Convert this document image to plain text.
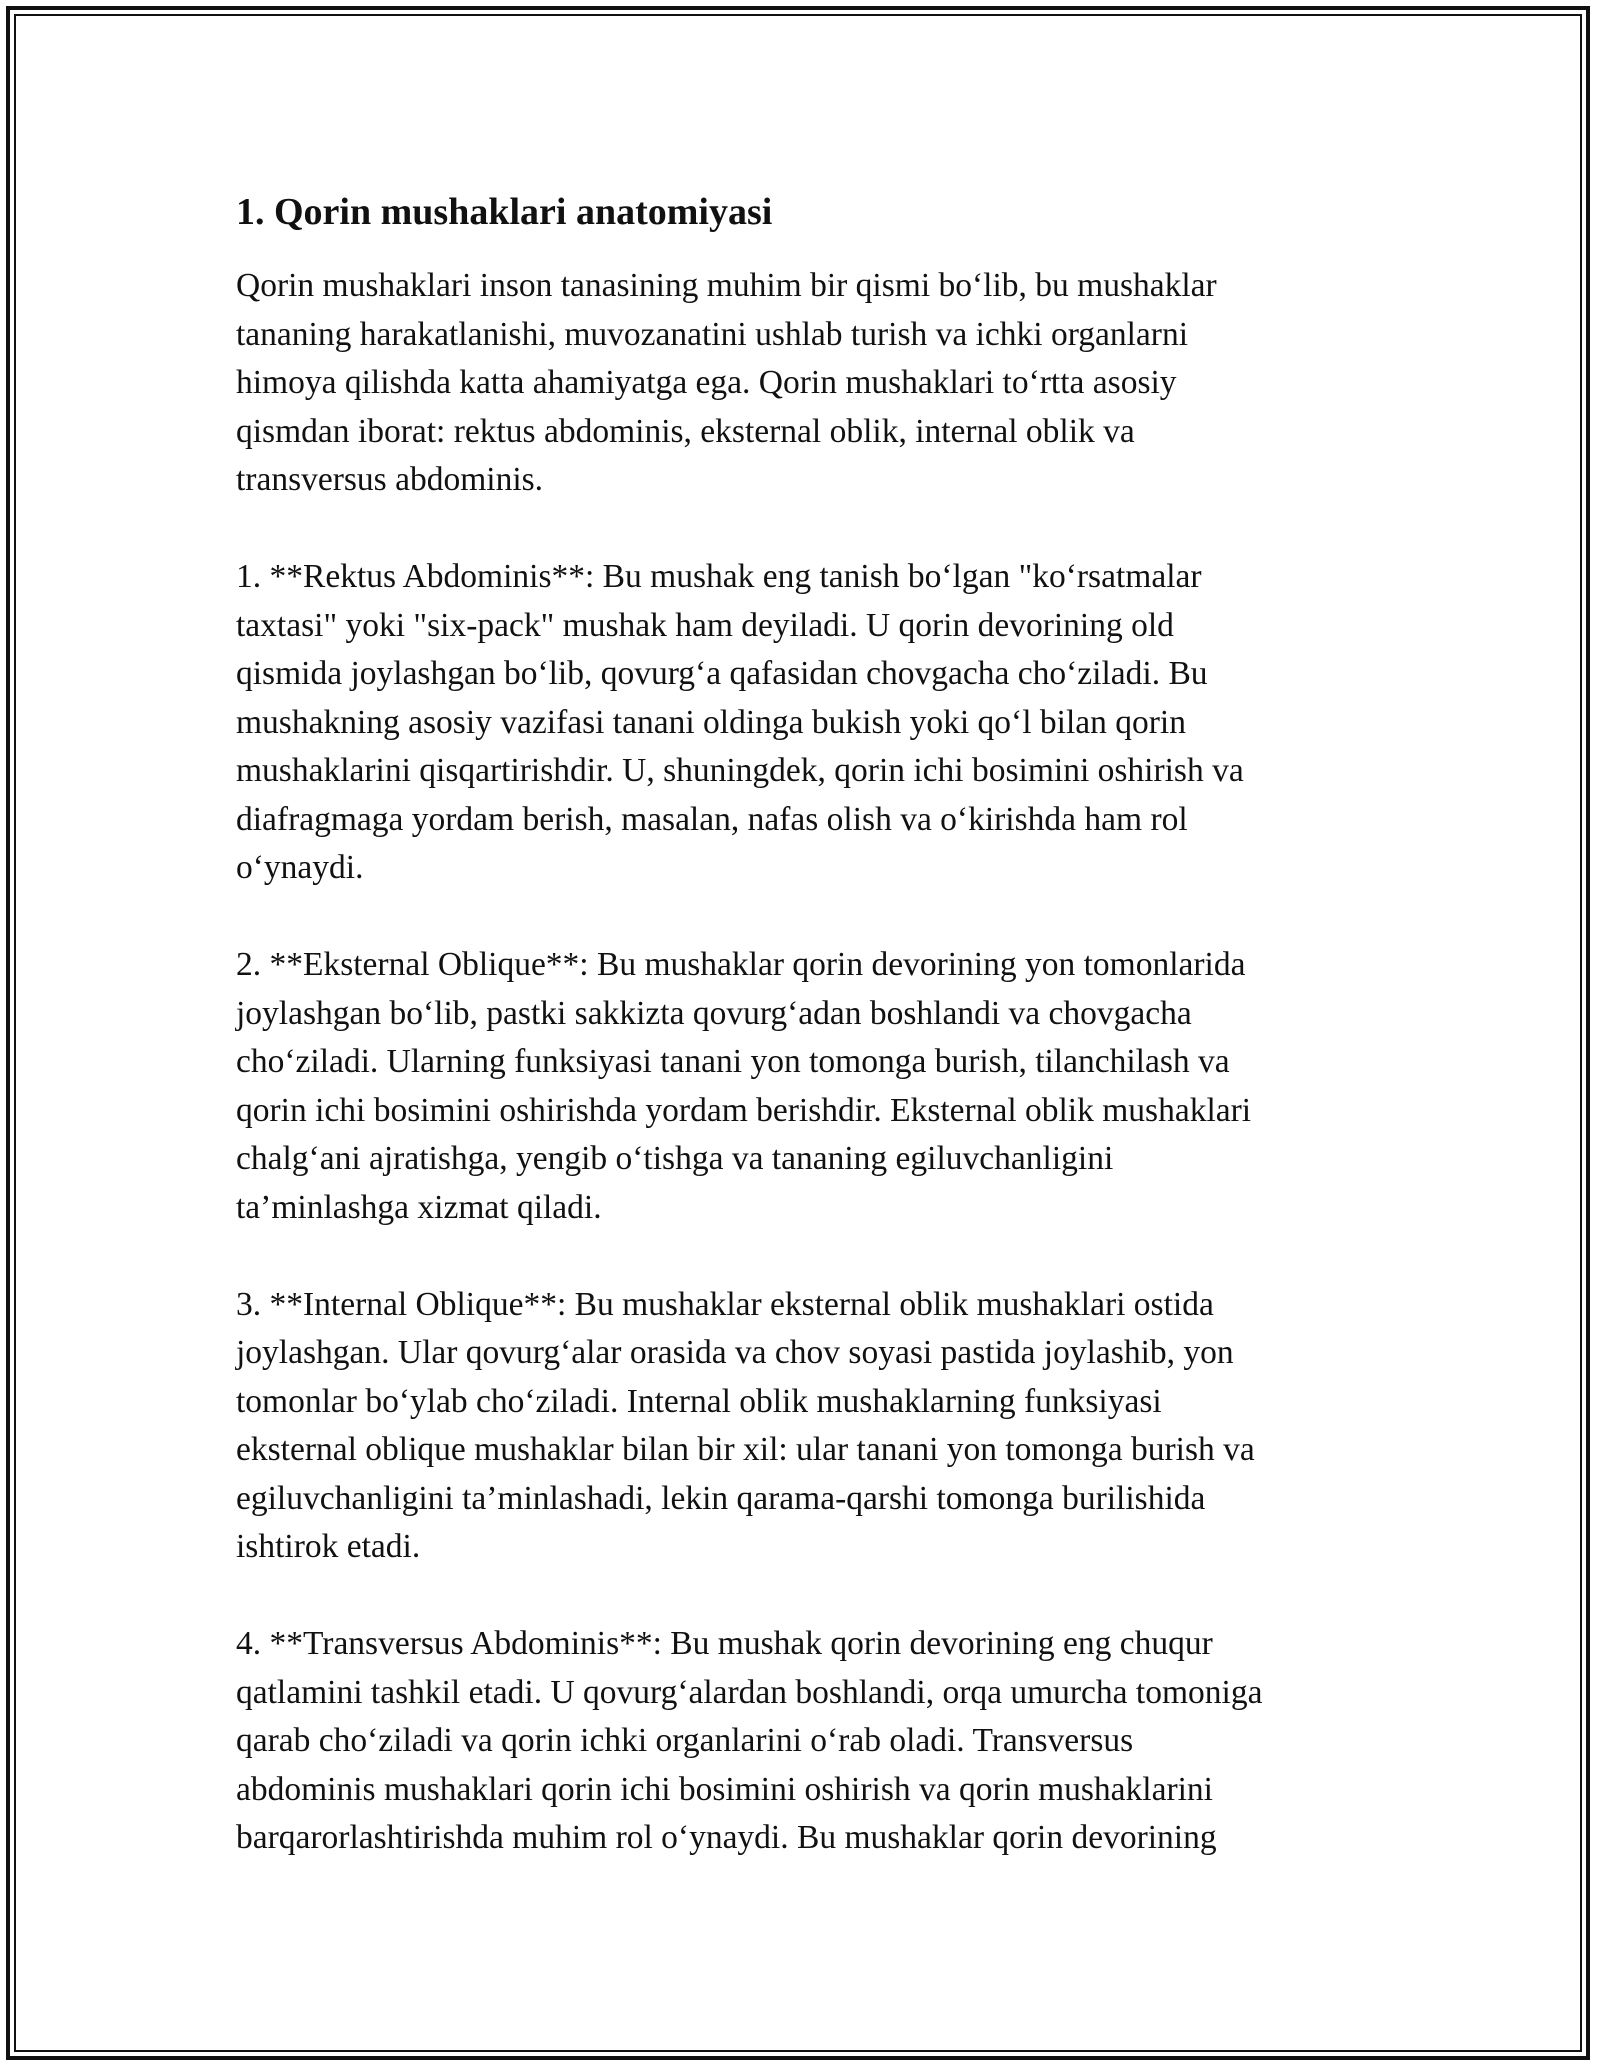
1. Qorin mushaklari anatomiyasi

Qorin mushaklari inson tanasining muhim bir qismi bo‘lib, bu mushaklar
tananing harakatlanishi, muvozanatini ushlab turish va ichki organlarni
himoya qilishda katta ahamiyatga ega. Qorin mushaklari to‘rtta asosiy
qismdan iborat: rektus abdominis, eksternal oblik, internal oblik va
transversus abdominis.

1. **Rektus Abdominis**: Bu mushak eng tanish bo‘lgan "ko‘rsatmalar
taxtasi" yoki "six-pack" mushak ham deyiladi. U qorin devorining old
qismida joylashgan bo‘lib, qovurg‘a qafasidan chovgacha cho‘ziladi. Bu
mushakning asosiy vazifasi tanani oldinga bukish yoki qo‘l bilan qorin
mushaklarini qisqartirishdir. U, shuningdek, qorin ichi bosimini oshirish va
diafragmaga yordam berish, masalan, nafas olish va o‘kirishda ham rol
o‘ynaydi.

2. **Eksternal Oblique**: Bu mushaklar qorin devorining yon tomonlarida
joylashgan bo‘lib, pastki sakkizta qovurg‘adan boshlandi va chovgacha
cho‘ziladi. Ularning funksiyasi tanani yon tomonga burish, tilanchilash va
qorin ichi bosimini oshirishda yordam berishdir. Eksternal oblik mushaklari
chalg‘ani ajratishga, yengib o‘tishga va tananing egiluvchanligini
ta’minlashga xizmat qiladi.

3. **Internal Oblique**: Bu mushaklar eksternal oblik mushaklari ostida
joylashgan. Ular qovurg‘alar orasida va chov soyasi pastida joylashib, yon
tomonlar bo‘ylab cho‘ziladi. Internal oblik mushaklarning funksiyasi
eksternal oblique mushaklar bilan bir xil: ular tanani yon tomonga burish va
egiluvchanligini ta’minlashadi, lekin qarama-qarshi tomonga burilishida
ishtirok etadi.

4. **Transversus Abdominis**: Bu mushak qorin devorining eng chuqur
qatlamini tashkil etadi. U qovurg‘alardan boshlandi, orqa umurcha tomoniga
qarab cho‘ziladi va qorin ichki organlarini o‘rab oladi. Transversus
abdominis mushaklari qorin ichi bosimini oshirish va qorin mushaklarini
barqarorlashtirishda muhim rol o‘ynaydi. Bu mushaklar qorin devorining
